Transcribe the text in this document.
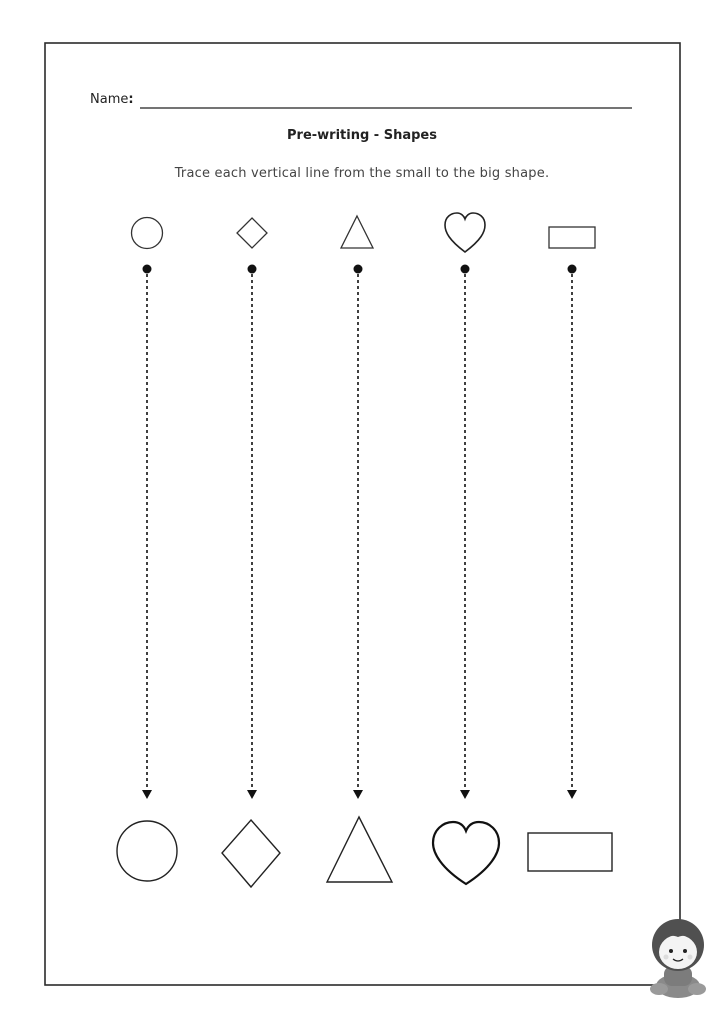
Name:

Pre-writing - Shapes

Trace each vertical line from the small to the big shape.
